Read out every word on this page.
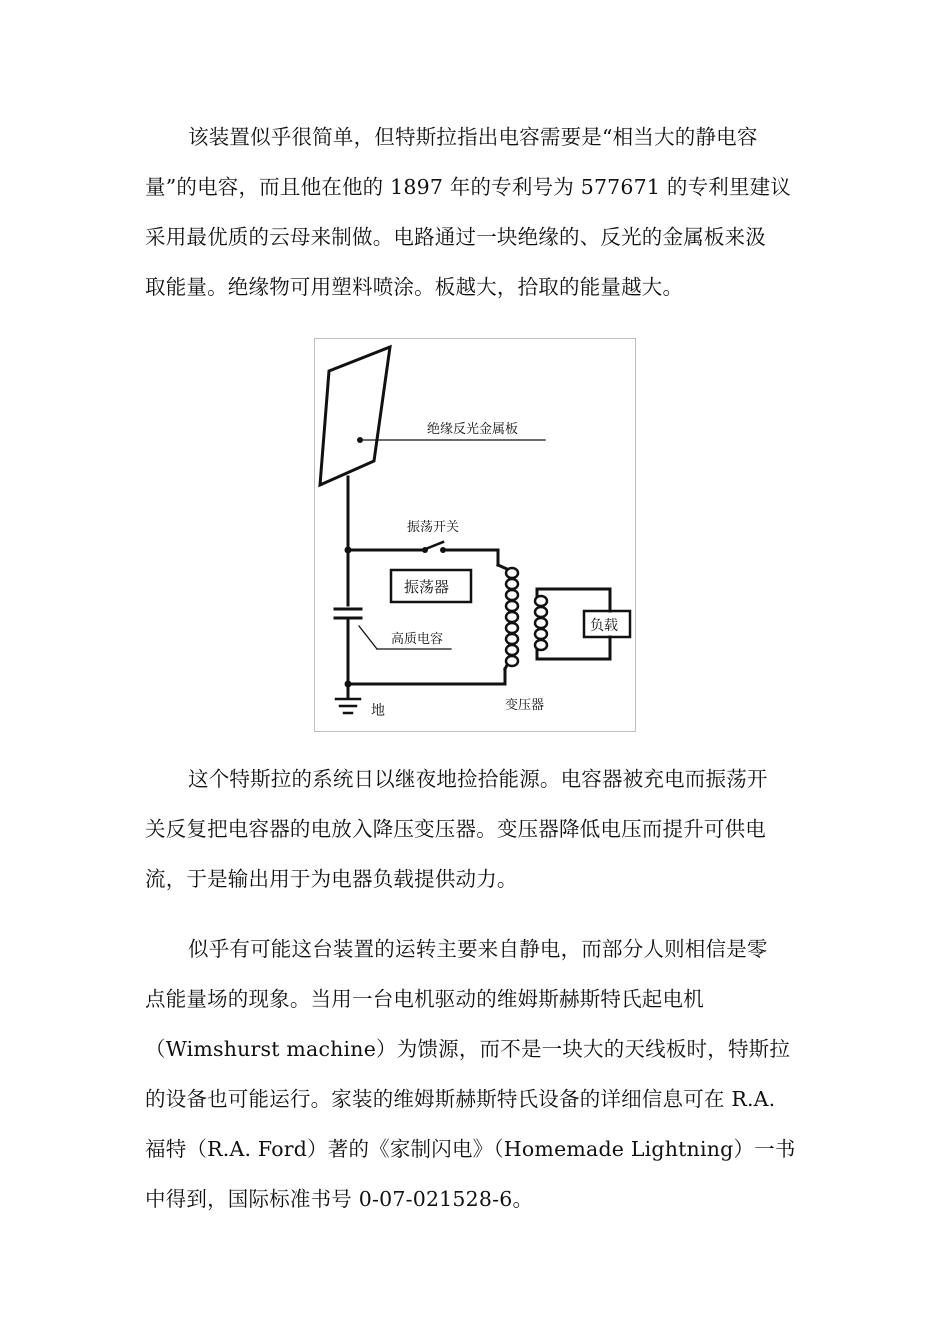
该装置似乎很简单，但特斯拉指出电容需要是“相当大的静电容
量”的电容，而且他在他的 1897 年的专利号为 577671 的专利里建议
采用最优质的云母来制做。电路通过一块绝缘的、反光的金属板来汲
取能量。绝缘物可用塑料喷涂。板越大，拾取的能量越大。
绝缘反光金属板
振荡开关
振荡器
高质电容
负载
地	变压器
这个特斯拉的系统日以继夜地捡拾能源。电容器被充电而振荡开
关反复把电容器的电放入降压变压器。变压器降低电压而提升可供电
流，于是输出用于为电器负载提供动力。
似乎有可能这台装置的运转主要来自静电，而部分人则相信是零
点能量场的现象。当用一台电机驱动的维姆斯赫斯特氏起电机
（Wimshurst machine）为馈源，而不是一块大的天线板时，特斯拉
的设备也可能运行。家装的维姆斯赫斯特氏设备的详细信息可在 R.A.
福特（R.A. Ford）著的《家制闪电》（Homemade Lightning）一书
中得到，国际标准书号 0-07-021528-6。
